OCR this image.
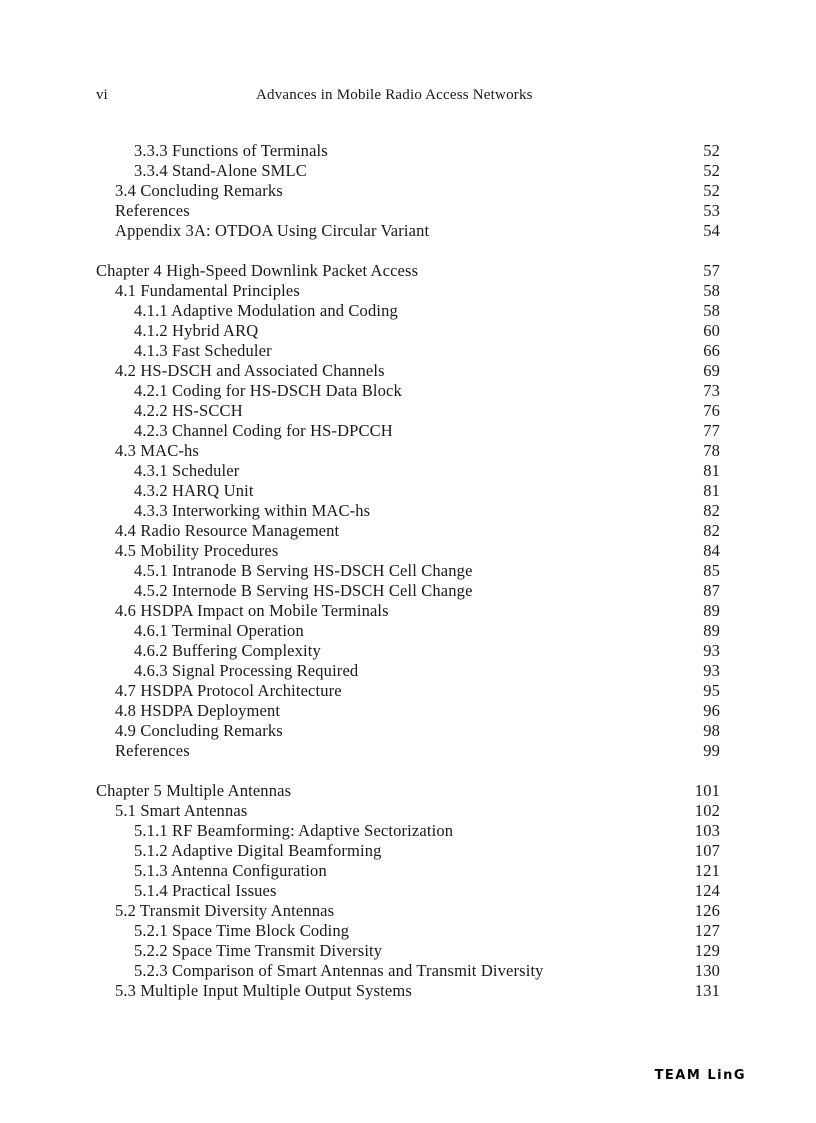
vi	Advances in Mobile Radio Access Networks
3.3.3 Functions of Terminals	52
3.3.4 Stand-Alone SMLC	52
3.4 Concluding Remarks	52
References	53
Appendix 3A: OTDOA Using Circular Variant	54
Chapter 4 High-Speed Downlink Packet Access	57
4.1 Fundamental Principles	58
4.1.1 Adaptive Modulation and Coding	58
4.1.2 Hybrid ARQ	60
4.1.3 Fast Scheduler	66
4.2 HS-DSCH and Associated Channels	69
4.2.1 Coding for HS-DSCH Data Block	73
4.2.2 HS-SCCH	76
4.2.3 Channel Coding for HS-DPCCH	77
4.3 MAC-hs	78
4.3.1 Scheduler	81
4.3.2 HARQ Unit	81
4.3.3 Interworking within MAC-hs	82
4.4 Radio Resource Management	82
4.5 Mobility Procedures	84
4.5.1 Intranode B Serving HS-DSCH Cell Change	85
4.5.2 Internode B Serving HS-DSCH Cell Change	87
4.6 HSDPA Impact on Mobile Terminals	89
4.6.1 Terminal Operation	89
4.6.2 Buffering Complexity	93
4.6.3 Signal Processing Required	93
4.7 HSDPA Protocol Architecture	95
4.8 HSDPA Deployment	96
4.9 Concluding Remarks	98
References	99
Chapter 5 Multiple Antennas	101
5.1 Smart Antennas	102
5.1.1 RF Beamforming: Adaptive Sectorization	103
5.1.2 Adaptive Digital Beamforming	107
5.1.3 Antenna Configuration	121
5.1.4 Practical Issues	124
5.2 Transmit Diversity Antennas	126
5.2.1 Space Time Block Coding	127
5.2.2 Space Time Transmit Diversity	129
5.2.3 Comparison of Smart Antennas and Transmit Diversity	130
5.3 Multiple Input Multiple Output Systems	131
TEAM LinG
